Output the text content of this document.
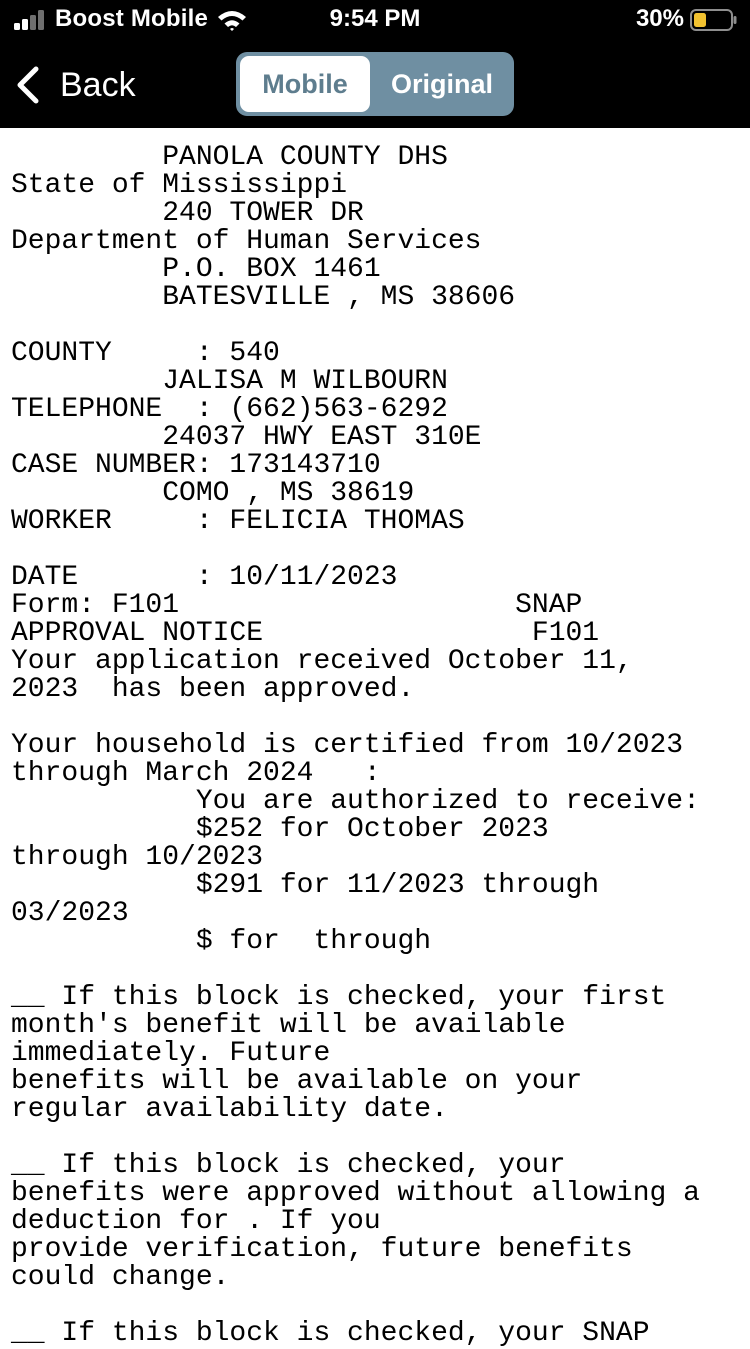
Boost Mobile	9:54 PM	30%
Back	Mobile	Original
PANOLA COUNTY DHS
State of Mississippi
240 TOWER DR
Department of Human Services
P.O. BOX 1461
BATESVILLE , MS 38606
COUNTY     : 540
JALISA M WILBOURN
TELEPHONE  : (662)563-6292
24037 HWY EAST 310E
CASE NUMBER: 173143710
COMO , MS 38619
WORKER     : FELICIA THOMAS
DATE       : 10/11/2023
Form: F101                    SNAP
APPROVAL NOTICE                F101
Your application received October 11,
2023  has been approved.
Your household is certified from 10/2023
through March 2024   :
You are authorized to receive:
$252 for October 2023
through 10/2023
$291 for 11/2023 through
03/2023
$ for  through
__ If this block is checked, your first
month's benefit will be available
immediately. Future
benefits will be available on your
regular availability date.
__ If this block is checked, your
benefits were approved without allowing a
deduction for . If you
provide verification, future benefits
could change.
__ If this block is checked, your SNAP
